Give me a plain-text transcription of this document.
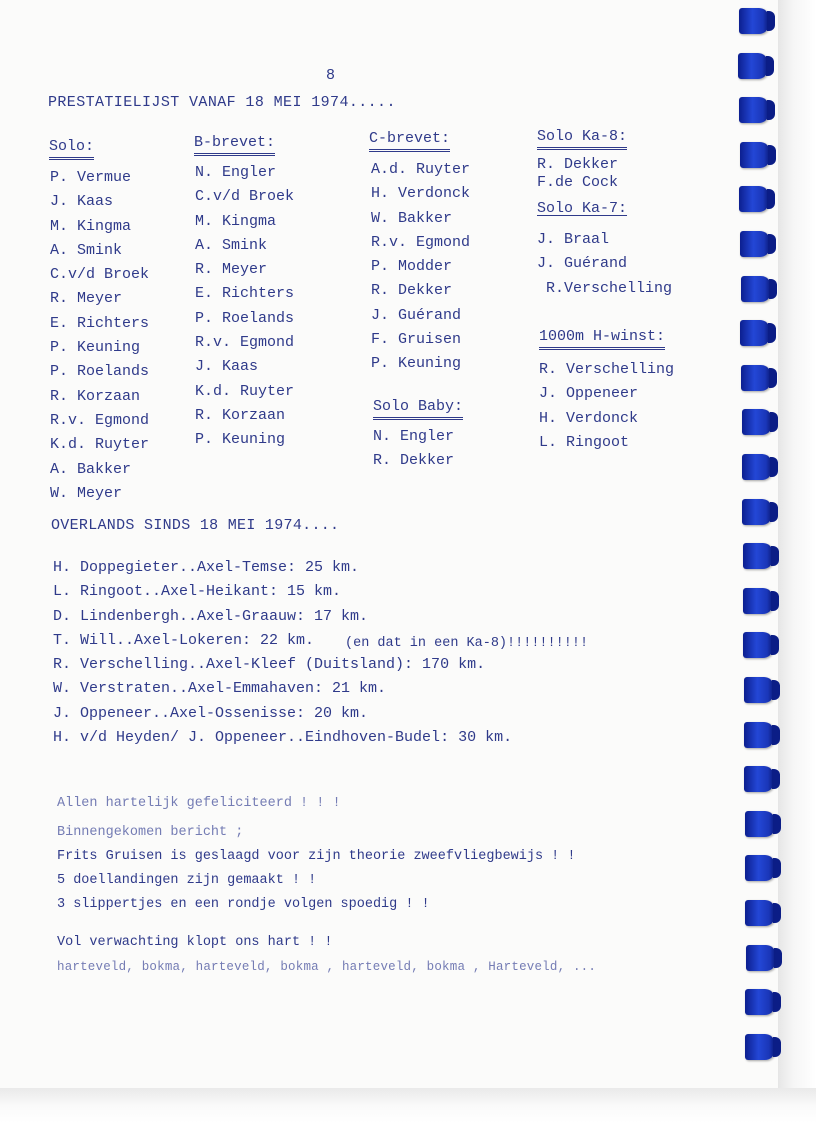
8
PRESTATIELIJST VANAF 18 MEI 1974.....
Solo:
P. Vermue
J. Kaas
M. Kingma
A. Smink
C.v/d Broek
R. Meyer
E. Richters
P. Keuning
P. Roelands
R. Korzaan
R.v. Egmond
K.d. Ruyter
A. Bakker
W. Meyer
B-brevet:
N. Engler
C.v/d Broek
M. Kingma
A. Smink
R. Meyer
E. Richters
P. Roelands
R.v. Egmond
J. Kaas
K.d. Ruyter
R. Korzaan
P. Keuning
C-brevet:
A.d. Ruyter
H. Verdonck
W. Bakker
R.v. Egmond
P. Modder
R. Dekker
J. Guérand
F. Gruisen
P. Keuning
Solo Baby:
N. Engler
R. Dekker
Solo Ka-8:
R. Dekker
F.de Cock
Solo Ka-7:
J. Braal
J. Guérand
R.Verschelling
1000m H-winst:
R. Verschelling
J. Oppeneer
H. Verdonck
L. Ringoot
OVERLANDS SINDS 18 MEI 1974....
H. Doppegieter..Axel-Temse: 25 km.
L. Ringoot..Axel-Heikant: 15 km.
D. Lindenbergh..Axel-Graauw: 17 km.
T. Will..Axel-Lokeren: 22 km.
R. Verschelling..Axel-Kleef (Duitsland): 170 km.
W. Verstraten..Axel-Emmahaven: 21 km.
J. Oppeneer..Axel-Ossenisse: 20 km.
H. v/d Heyden/ J. Oppeneer..Eindhoven-Budel: 30 km.
(en dat in een Ka-8)!!!!!!!!!!
Allen hartelijk gefeliciteerd ! ! !
Binnengekomen bericht ;
Frits Gruisen is geslaagd voor zijn theorie zweefvliegbewijs ! !
5 doellandingen zijn gemaakt ! !
3 slippertjes en een rondje volgen spoedig ! !
Vol verwachting klopt ons hart ! !
harteveld, bokma, harteveld, bokma , harteveld, bokma , Harteveld, ...
